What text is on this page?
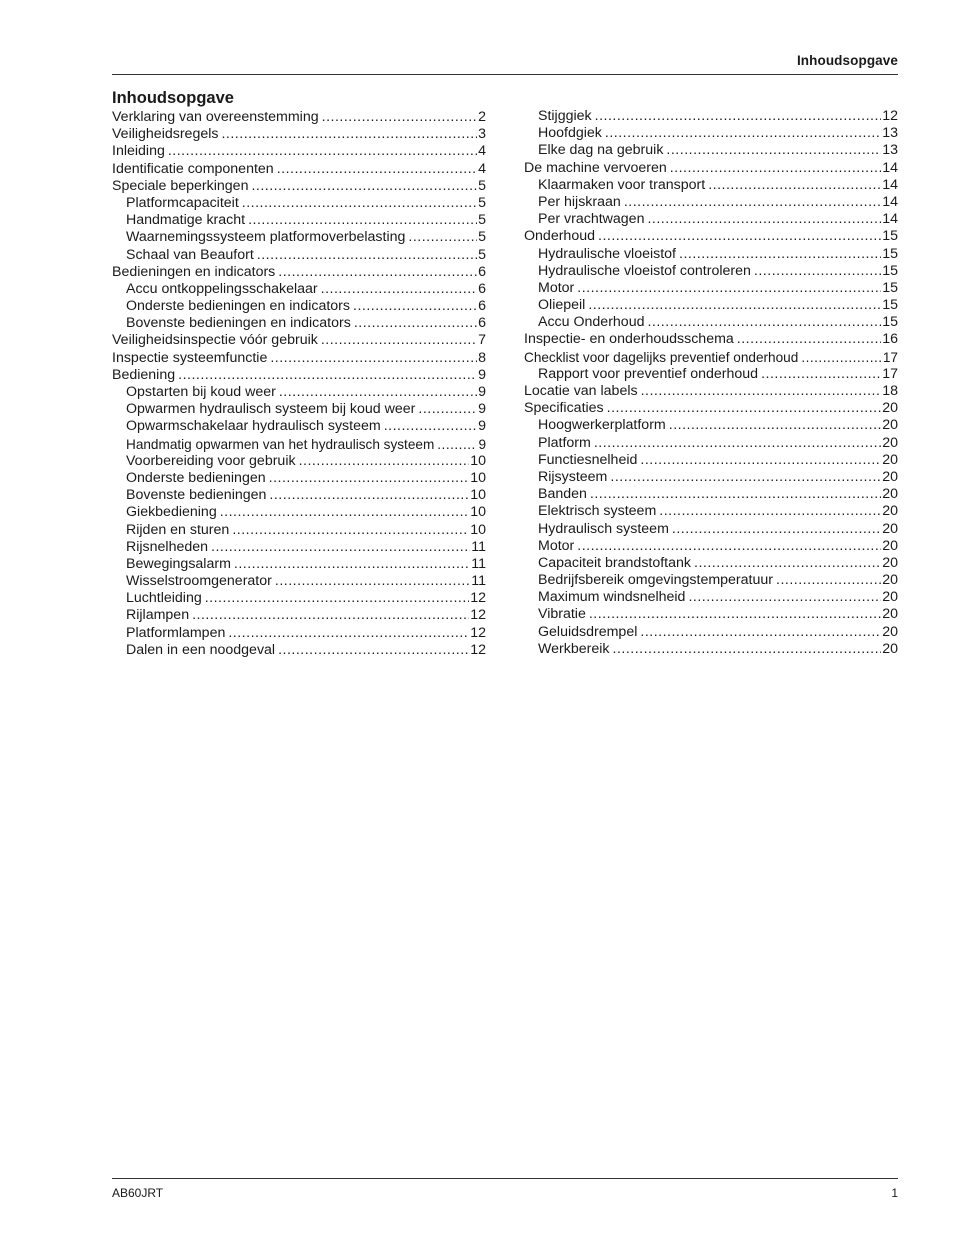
Inhoudsopgave
Inhoudsopgave
Verklaring van overeenstemming .....	2
Veiligheidsregels .....	3
Inleiding .....	4
Identificatie componenten .....	4
Speciale beperkingen .....	5
Platformcapaciteit .....	5
Handmatige kracht .....	5
Waarnemingssysteem platformoverbelasting .....	5
Schaal van Beaufort .....	5
Bedieningen en indicators .....	6
Accu ontkoppelingsschakelaar .....	6
Onderste bedieningen en indicators .....	6
Bovenste bedieningen en indicators .....	6
Veiligheidsinspectie vóór gebruik .....	7
Inspectie systeemfunctie .....	8
Bediening .....	9
Opstarten bij koud weer .....	9
Opwarmen hydraulisch systeem bij koud weer .....	9
Opwarmschakelaar hydraulisch systeem .....	9
Handmatig opwarmen van het hydraulisch systeem .....	9
Voorbereiding voor gebruik .....	10
Onderste bedieningen .....	10
Bovenste bedieningen .....	10
Giekbediening .....	10
Rijden en sturen .....	10
Rijsnelheden .....	11
Bewegingsalarm .....	11
Wisselstroomgenerator .....	11
Luchtleiding .....	12
Rijlampen .....	12
Platformlampen .....	12
Dalen in een noodgeval .....	12
Stijggiek .....	12
Hoofdgiek .....	13
Elke dag na gebruik .....	13
De machine vervoeren .....	14
Klaarmaken voor transport .....	14
Per hijskraan .....	14
Per vrachtwagen .....	14
Onderhoud .....	15
Hydraulische vloeistof .....	15
Hydraulische vloeistof controleren .....	15
Motor .....	15
Oliepeil .....	15
Accu Onderhoud .....	15
Inspectie- en onderhoudsschema .....	16
Checklist voor dagelijks preventief onderhoud .....	17
Rapport voor preventief onderhoud .....	17
Locatie van labels .....	18
Specificaties .....	20
Hoogwerkerplatform .....	20
Platform .....	20
Functiesnelheid .....	20
Rijsysteem .....	20
Banden .....	20
Elektrisch systeem .....	20
Hydraulisch systeem .....	20
Motor .....	20
Capaciteit brandstoftank .....	20
Bedrijfsbereik omgevingstemperatuur .....	20
Maximum windsnelheid .....	20
Vibratie .....	20
Geluidsdrempel .....	20
Werkbereik .....	20
AB60JRT	1
